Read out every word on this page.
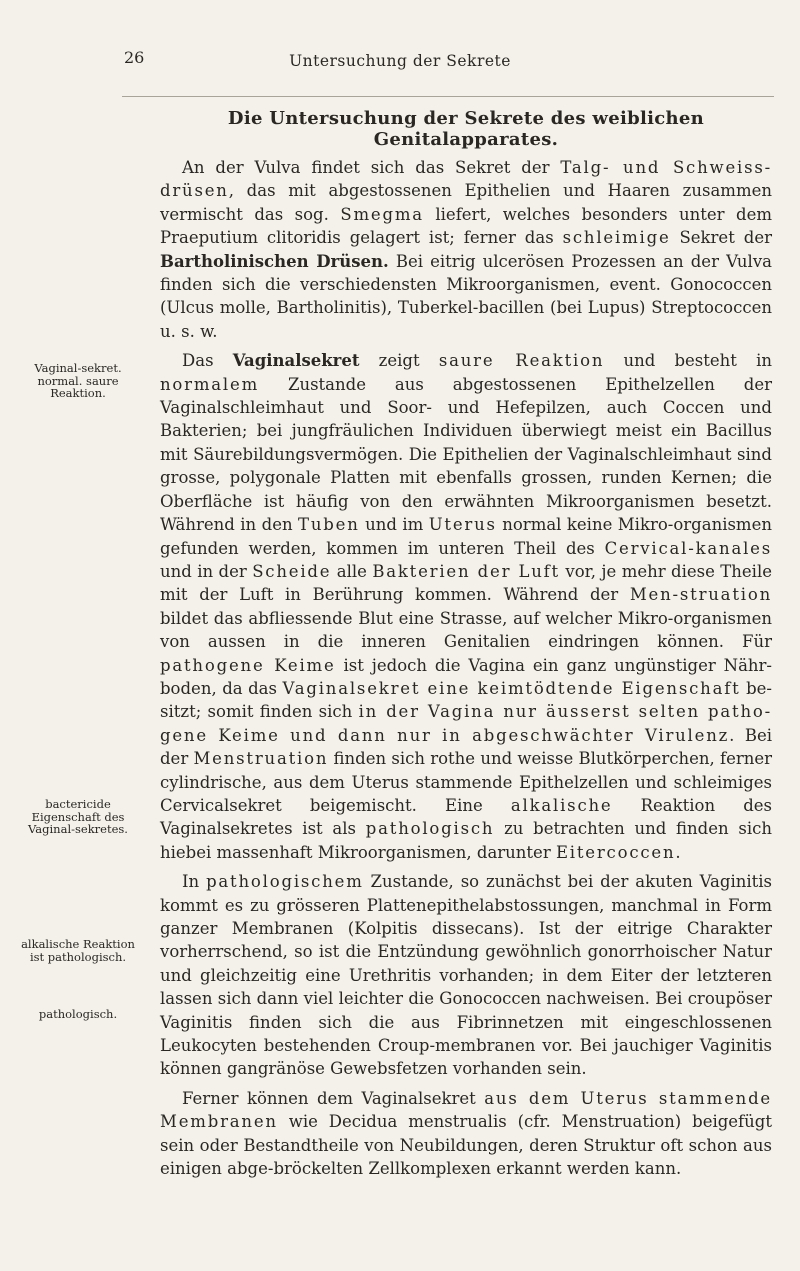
26	Untersuchung der Sekrete
Vaginal-sekret. normal. saure Reaktion.
bactericide Eigenschaft des Vaginal-sekretes.
alkalische Reaktion ist pathologisch.
pathologisch.
Die Untersuchung der Sekrete des weiblichen Genitalapparates.

An der Vulva findet sich das Sekret der Talg- und Schweiss-drüsen, das mit abgestossenen Epithelien und Haaren zusammen vermischt das sog. Smegma liefert, welches besonders unter dem Praeputium clitoridis gelagert ist; ferner das schleimige Sekret der Bartholinischen Drüsen. Bei eitrig ulcerösen Prozessen an der Vulva finden sich die verschiedensten Mikroorganismen, event. Gonococcen (Ulcus molle, Bartholinitis), Tuberkel-bacillen (bei Lupus) Streptococcen u. s. w.

Das Vaginalsekret zeigt saure Reaktion und besteht in normalem Zustande aus abgestossenen Epithelzellen der Vaginalschleimhaut und Soor- und Hefepilzen, auch Coccen und Bakterien; bei jungfräulichen Individuen überwiegt meist ein Bacillus mit Säurebildungsvermögen. Die Epithelien der Vaginalschleimhaut sind grosse, polygonale Platten mit ebenfalls grossen, runden Kernen; die Oberfläche ist häufig von den erwähnten Mikroorganismen besetzt. Während in den Tuben und im Uterus normal keine Mikro-organismen gefunden werden, kommen im unteren Theil des Cervical-kanales und in der Scheide alle Bakterien der Luft vor, je mehr diese Theile mit der Luft in Berührung kommen. Während der Men-struation bildet das abfliessende Blut eine Strasse, auf welcher Mikro-organismen von aussen in die inneren Genitalien eindringen können. Für pathogene Keime ist jedoch die Vagina ein ganz ungünstiger Nähr-boden, da das Vaginalsekret eine keimtödtende Eigenschaft be-sitzt; somit finden sich in der Vagina nur äusserst selten patho-gene Keime und dann nur in abgeschwächter Virulenz. Bei der Menstruation finden sich rothe und weisse Blutkörperchen, ferner cylindrische, aus dem Uterus stammende Epithelzellen und schleimiges Cervicalsekret beigemischt. Eine alkalische Reaktion des Vaginalsekretes ist als pathologisch zu betrachten und finden sich hiebei massenhaft Mikroorganismen, darunter Eitercoccen.

In pathologischem Zustande, so zunächst bei der akuten Vaginitis kommt es zu grösseren Plattenepithelabstossungen, manchmal in Form ganzer Membranen (Kolpitis dissecans). Ist der eitrige Charakter vorherrschend, so ist die Entzündung gewöhnlich gonorrhoischer Natur und gleichzeitig eine Urethritis vorhanden; in dem Eiter der letzteren lassen sich dann viel leichter die Gonococcen nachweisen. Bei croupöser Vaginitis finden sich die aus Fibrinnetzen mit eingeschlossenen Leukocyten bestehenden Croup-membranen vor. Bei jauchiger Vaginitis können gangränöse Gewebsfetzen vorhanden sein.

Ferner können dem Vaginalsekret aus dem Uterus stammende Membranen wie Decidua menstrualis (cfr. Menstruation) beigefügt sein oder Bestandtheile von Neubildungen, deren Struktur oft schon aus einigen abge-bröckelten Zellkomplexen erkannt werden kann.
